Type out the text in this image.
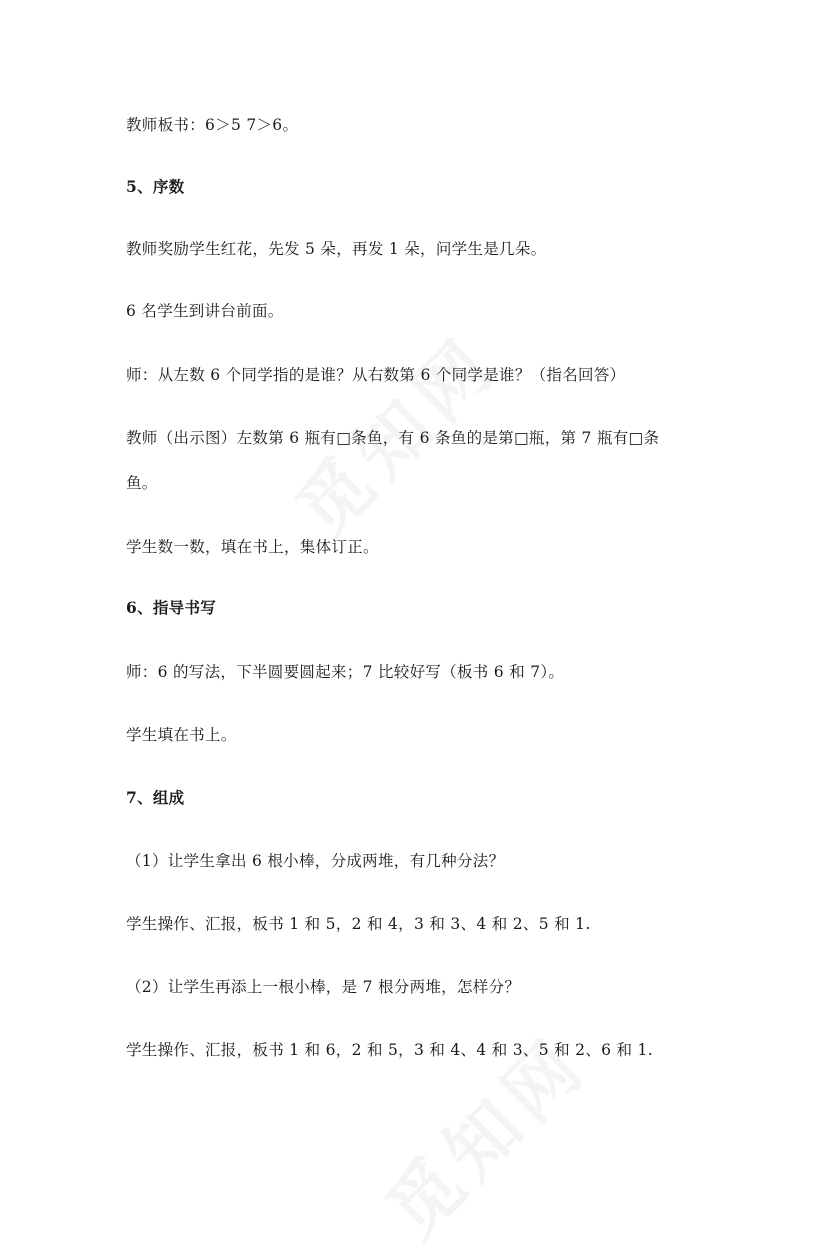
教师板书：6＞5 7＞6。
5、序数
教师奖励学生红花，先发 5 朵，再发 1 朵，问学生是几朵。
6 名学生到讲台前面。
师：从左数 6 个同学指的是谁？从右数第 6 个同学是谁？（指名回答）
教师（出示图）左数第 6 瓶有□条鱼，有 6 条鱼的是第□瓶，第 7 瓶有□条
鱼。
学生数一数，填在书上，集体订正。
6、指导书写
师：6 的写法，下半圆要圆起来；7 比较好写（板书 6 和 7）。
学生填在书上。
7、组成
（1）让学生拿出 6 根小棒，分成两堆，有几种分法？
学生操作、汇报，板书 1 和 5，2 和 4，3 和 3、4 和 2、5 和 1.
（2）让学生再添上一根小棒，是 7 根分两堆，怎样分？
学生操作、汇报，板书 1 和 6，2 和 5，3 和 4、4 和 3、5 和 2、6 和 1.
